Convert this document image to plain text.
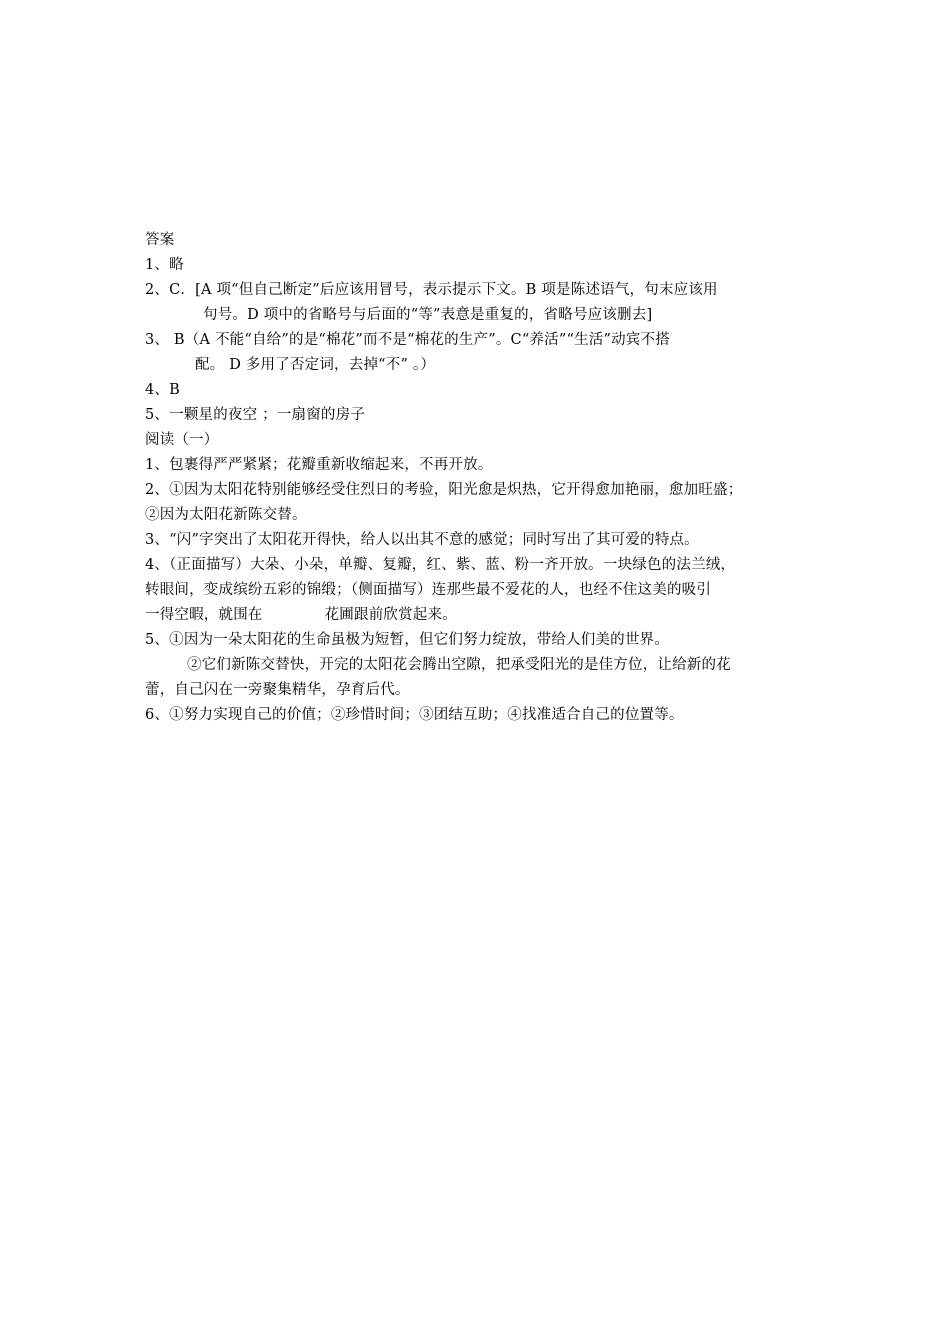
答案
1、略
2、C．[A 项“但自己断定”后应该用冒号，表示提示下文。B 项是陈述语气，句末应该用
句号。D 项中的省略号与后面的“等”表意是重复的，省略号应该删去]
3、 B（A 不能“自给”的是“棉花”而不是“棉花的生产”。C“养活”“生活”动宾不搭
配。 D 多用了否定词，去掉“不” 。）
4、B
5、一颗星的夜空 ；一扇窗的房子
阅读（一）
1、包裹得严严紧紧；花瓣重新收缩起来，不再开放。
2、①因为太阳花特别能够经受住烈日的考验，阳光愈是炽热，它开得愈加艳丽，愈加旺盛；
②因为太阳花新陈交替。
3、“闪”字突出了太阳花开得快，给人以出其不意的感觉；同时写出了其可爱的特点。
4、（正面描写）大朵、小朵，单瓣、复瓣，红、紫、蓝、粉一齐开放。一块绿色的法兰绒，
转眼间，变成缤纷五彩的锦缎；（侧面描写）连那些最不爱花的人，也经不住这美的吸引
一得空暇，就围在	花圃跟前欣赏起来。
5、①因为一朵太阳花的生命虽极为短暂，但它们努力绽放，带给人们美的世界。
②它们新陈交替快，开完的太阳花会腾出空隙，把承受阳光的是佳方位，让给新的花
蕾，自己闪在一旁聚集精华，孕育后代。
6、①努力实现自己的价值；②珍惜时间；③团结互助；④找准适合自己的位置等。
